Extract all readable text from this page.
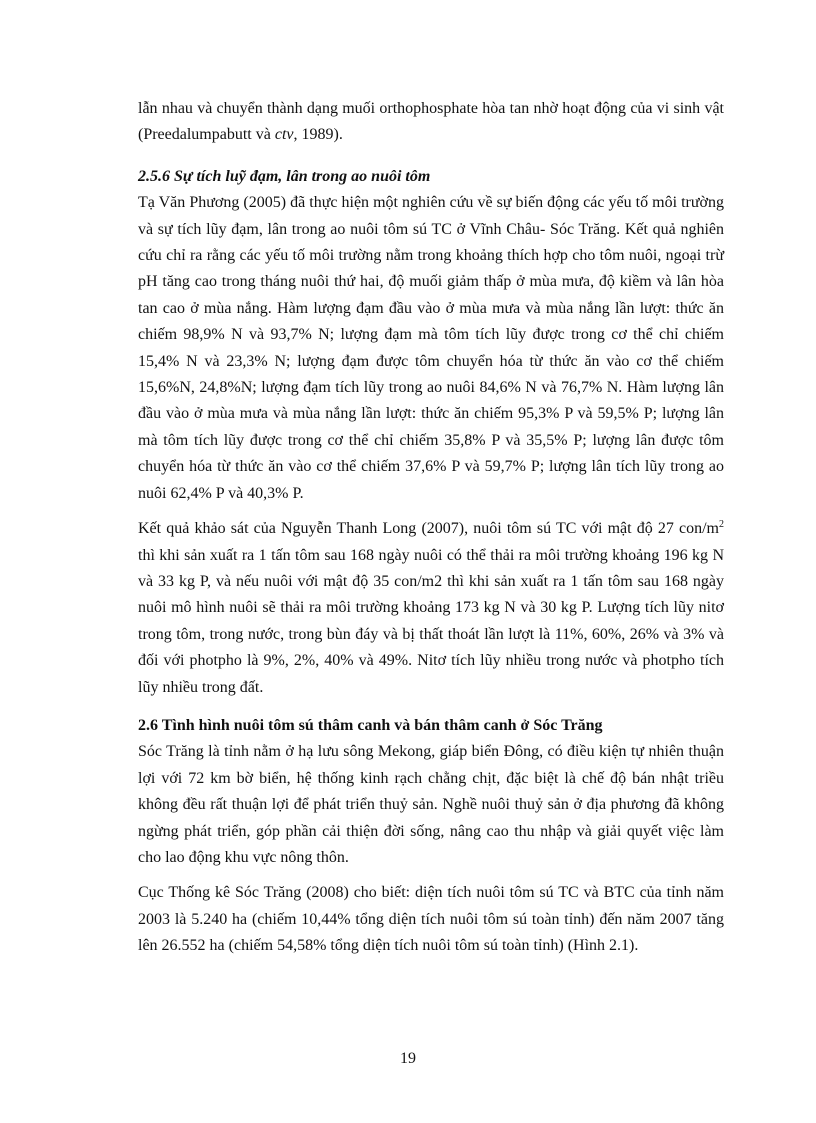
lẫn nhau và chuyển thành dạng muối orthophosphate hòa tan nhờ hoạt động của vi sinh vật (Preedalumpabutt và ctv, 1989).

2.5.6 Sự tích luỹ đạm, lân trong ao nuôi tôm

Tạ Văn Phương (2005) đã thực hiện một nghiên cứu về sự biến động các yếu tố môi trường và sự tích lũy đạm, lân trong ao nuôi tôm sú TC ở Vĩnh Châu- Sóc Trăng. Kết quả nghiên cứu chỉ ra rằng các yếu tố môi trường nằm trong khoảng thích hợp cho tôm nuôi, ngoại trừ pH tăng cao trong tháng nuôi thứ hai, độ muối giảm thấp ở mùa mưa, độ kiềm và lân hòa tan cao ở mùa nắng. Hàm lượng đạm đầu vào ở mùa mưa và mùa nắng lần lượt: thức ăn chiếm 98,9% N và 93,7% N; lượng đạm mà tôm tích lũy được trong cơ thể chỉ chiếm 15,4% N và 23,3% N; lượng đạm được tôm chuyển hóa từ thức ăn vào cơ thể chiếm 15,6%N, 24,8%N; lượng đạm tích lũy trong ao nuôi 84,6% N và 76,7% N. Hàm lượng lân đầu vào ở mùa mưa và mùa nắng lần lượt: thức ăn chiếm 95,3% P và 59,5% P; lượng lân mà tôm tích lũy được trong cơ thể chỉ chiếm 35,8% P và 35,5% P; lượng lân được tôm chuyển hóa từ thức ăn vào cơ thể chiếm 37,6% P và 59,7% P; lượng lân tích lũy trong ao nuôi 62,4% P và 40,3% P.

Kết quả khảo sát của Nguyễn Thanh Long (2007), nuôi tôm sú TC với mật độ 27 con/$m^2$ thì khi sản xuất ra 1 tấn tôm sau 168 ngày nuôi có thể thải ra môi trường khoảng 196 kg N và 33 kg P, và nếu nuôi với mật độ 35 con/m2 thì khi sản xuất ra 1 tấn tôm sau 168 ngày nuôi mô hình nuôi sẽ thải ra môi trường khoảng 173 kg N và 30 kg P. Lượng tích lũy nitơ trong tôm, trong nước, trong bùn đáy và bị thất thoát lần lượt là 11%, 60%, 26% và 3% và đối với photpho là 9%, 2%, 40% và 49%. Nitơ tích lũy nhiều trong nước và photpho tích lũy nhiều trong đất.

2.6 Tình hình nuôi tôm sú thâm canh và bán thâm canh ở Sóc Trăng

Sóc Trăng là tỉnh nằm ở hạ lưu sông Mekong, giáp biển Đông, có điều kiện tự nhiên thuận lợi với 72 km bờ biển, hệ thống kinh rạch chằng chịt, đặc biệt là chế độ bán nhật triều không đều rất thuận lợi để phát triển thuỷ sản. Nghề nuôi thuỷ sản ở địa phương đã không ngừng phát triển, góp phần cải thiện đời sống, nâng cao thu nhập và giải quyết việc làm cho lao động khu vực nông thôn.

Cục Thống kê Sóc Trăng (2008) cho biết: diện tích nuôi tôm sú TC và BTC của tỉnh năm 2003 là 5.240 ha (chiếm 10,44% tổng diện tích nuôi tôm sú toàn tỉnh) đến năm 2007 tăng lên 26.552 ha (chiếm 54,58% tổng diện tích nuôi tôm sú toàn tỉnh) (Hình 2.1).

19
